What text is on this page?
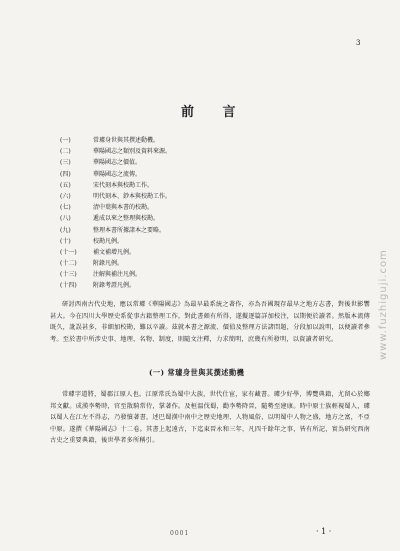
3
前 言
(一)	常璩身世與其撰述動機。
(二)	華陽國志之類別及資料來源。
(三)	華陽國志之價值。
(四)	華陽國志之流傳。
(五)	宋代刻本與校勘工作。
(六)	明代刻本、鈔本與校勘工作。
(七)	清中葉與本書的校勘。
(八)	遞成以來之整理與校勘。
(九)	整理本書所據諸本之要略。
(十)	校勘凡例。
(十一)	補文補增凡例。
(十二)	附錄凡例。
(十三)	注解與補注凡例。
(十四)	附錄考證凡例。

研討西南古代史地，應以常璩《華陽國志》為最早最系統之著作，亦為吾國現存最早之地方志書，對後世影響甚大。今在四川大學歷史系從事古籍整理工作，對此書頗有所得，遂擬逐篇詳加校注，以期便於讀者。然版本流傳既久，訛誤甚多，非細加校勘，難以卒讀。茲就本書之源流、價值及整理方法諸問題，分段加以說明，以便讀者參考。至於書中所涉史事、地理、名物、制度，則隨文注釋，力求簡明，庶幾有所發明，以資讀者研究。

(一) 常璩身世與其撰述動機

常璩字道將，蜀郡江原人也。江原常氏為蜀中大族，世代仕宦，家有藏書。璩少好學，博覽典籍，尤留心於鄉邦文獻。成漢李勢時，官至散騎常侍，掌著作。及桓溫伐蜀，勸李勢降晉，隨勢至建康。時中原士族輕視蜀人，璩以蜀人在江左不得志，乃發憤著書，述巴蜀漢中南中之歷史地理、人物風俗，以明蜀中人物之盛，地方之富，不亞中原。遂撰《華陽國志》十二卷。其書上起遠古，下迄東晉永和三年，凡四千餘年之事，皆有所記，實為研究西南古史之重要典籍，後世學者多所稱引。

0001	· 1 ·
www.fuzhiguji.com
